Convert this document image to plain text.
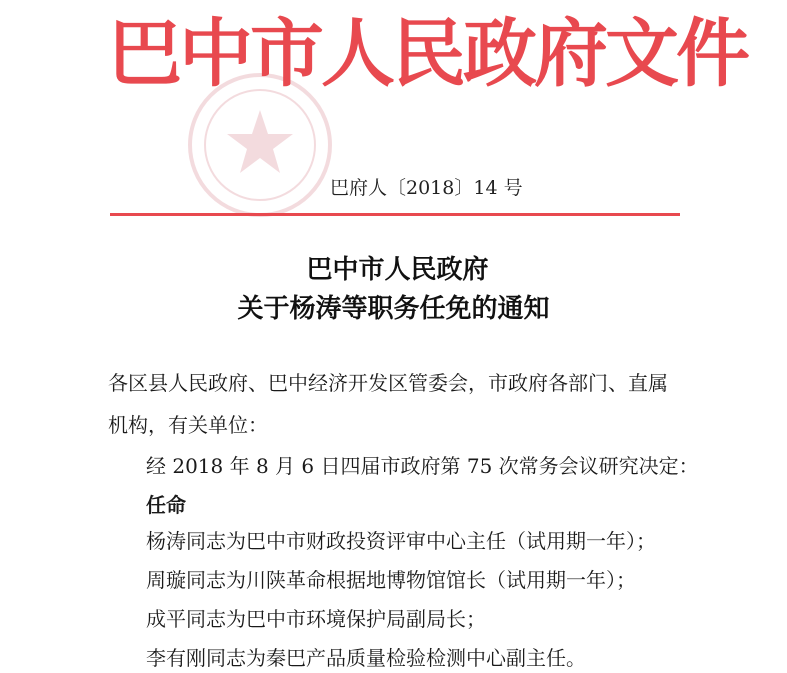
巴中市人民政府文件
巴府人〔2018〕14 号
巴中市人民政府
关于杨涛等职务任免的通知
各区县人民政府、巴中经济开发区管委会，市政府各部门、直属
机构，有关单位：
经 2018 年 8 月 6 日四届市政府第 75 次常务会议研究决定：
任命
杨涛同志为巴中市财政投资评审中心主任（试用期一年）；
周璇同志为川陕革命根据地博物馆馆长（试用期一年）；
成平同志为巴中市环境保护局副局长；
李有刚同志为秦巴产品质量检验检测中心副主任。
